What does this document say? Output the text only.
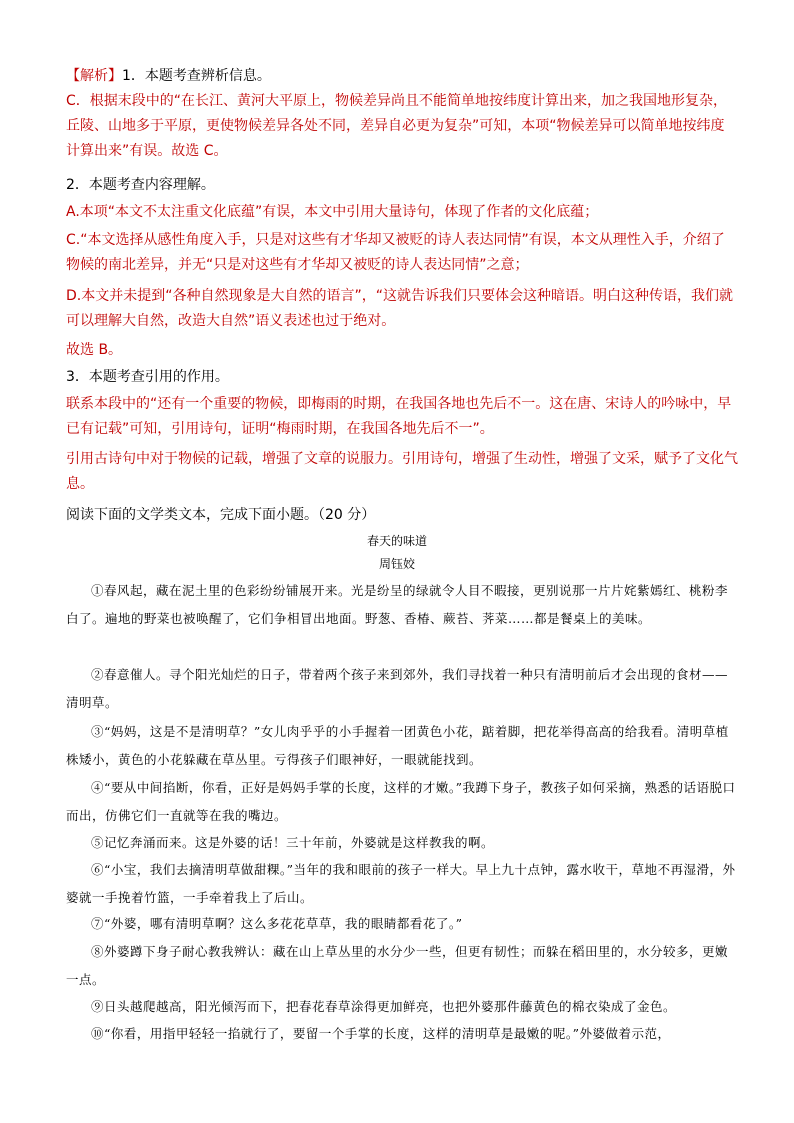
【解析】1．本题考查辨析信息。

C．根据末段中的“在长江、黄河大平原上，物候差异尚且不能简单地按纬度计算出来，加之我国地形复杂，丘陵、山地多于平原，更使物候差异各处不同，差异自必更为复杂”可知，本项“物候差异可以简单地按纬度计算出来”有误。故选 C。

2．本题考查内容理解。

A.本项“本文不太注重文化底蕴”有误，本文中引用大量诗句，体现了作者的文化底蕴；

C.“本文选择从感性角度入手，只是对这些有才华却又被贬的诗人表达同情”有误，本文从理性入手，介绍了物候的南北差异，并无“只是对这些有才华却又被贬的诗人表达同情”之意；

D.本文并未提到“各种自然现象是大自然的语言”，“这就告诉我们只要体会这种暗语。明白这种传语，我们就可以理解大自然，改造大自然”语义表述也过于绝对。

故选 B。

3．本题考查引用的作用。

联系本段中的“还有一个重要的物候，即梅雨的时期，在我国各地也先后不一。这在唐、宋诗人的吟咏中，早已有记载”可知，引用诗句，证明“梅雨时期，在我国各地先后不一”。

引用古诗句中对于物候的记载，增强了文章的说服力。引用诗句，增强了生动性，增强了文采，赋予了文化气息。

阅读下面的文学类文本，完成下面小题。（20 分）

春天的味道

周钰姣

①春风起，藏在泥土里的色彩纷纷铺展开来。光是纷呈的绿就令人目不暇接，更别说那一片片姹紫嫣红、桃粉李白了。遍地的野菜也被唤醒了，它们争相冒出地面。野葱、香椿、蕨苔、荠菜……都是餐桌上的美味。

②春意催人。寻个阳光灿烂的日子，带着两个孩子来到郊外，我们寻找着一种只有清明前后才会出现的食材——清明草。

③“妈妈，这是不是清明草？”女儿肉乎乎的小手握着一团黄色小花，踮着脚，把花举得高高的给我看。清明草植株矮小，黄色的小花躲藏在草丛里。亏得孩子们眼神好，一眼就能找到。

④“要从中间掐断，你看，正好是妈妈手掌的长度，这样的才嫩。”我蹲下身子，教孩子如何采摘，熟悉的话语脱口而出，仿佛它们一直就等在我的嘴边。

⑤记忆奔涌而来。这是外婆的话！三十年前，外婆就是这样教我的啊。

⑥“小宝，我们去摘清明草做甜粿。”当年的我和眼前的孩子一样大。早上九十点钟，露水收干，草地不再湿滑，外婆就一手挽着竹篮，一手牵着我上了后山。

⑦“外婆，哪有清明草啊？这么多花花草草，我的眼睛都看花了。”

⑧外婆蹲下身子耐心教我辨认：藏在山上草丛里的水分少一些，但更有韧性；而躲在稻田里的，水分较多，更嫩一点。

⑨日头越爬越高，阳光倾泻而下，把春花春草涂得更加鲜亮，也把外婆那件藤黄色的棉衣染成了金色。

⑩“你看，用指甲轻轻一掐就行了，要留一个手掌的长度，这样的清明草是最嫩的呢。”外婆做着示范，
